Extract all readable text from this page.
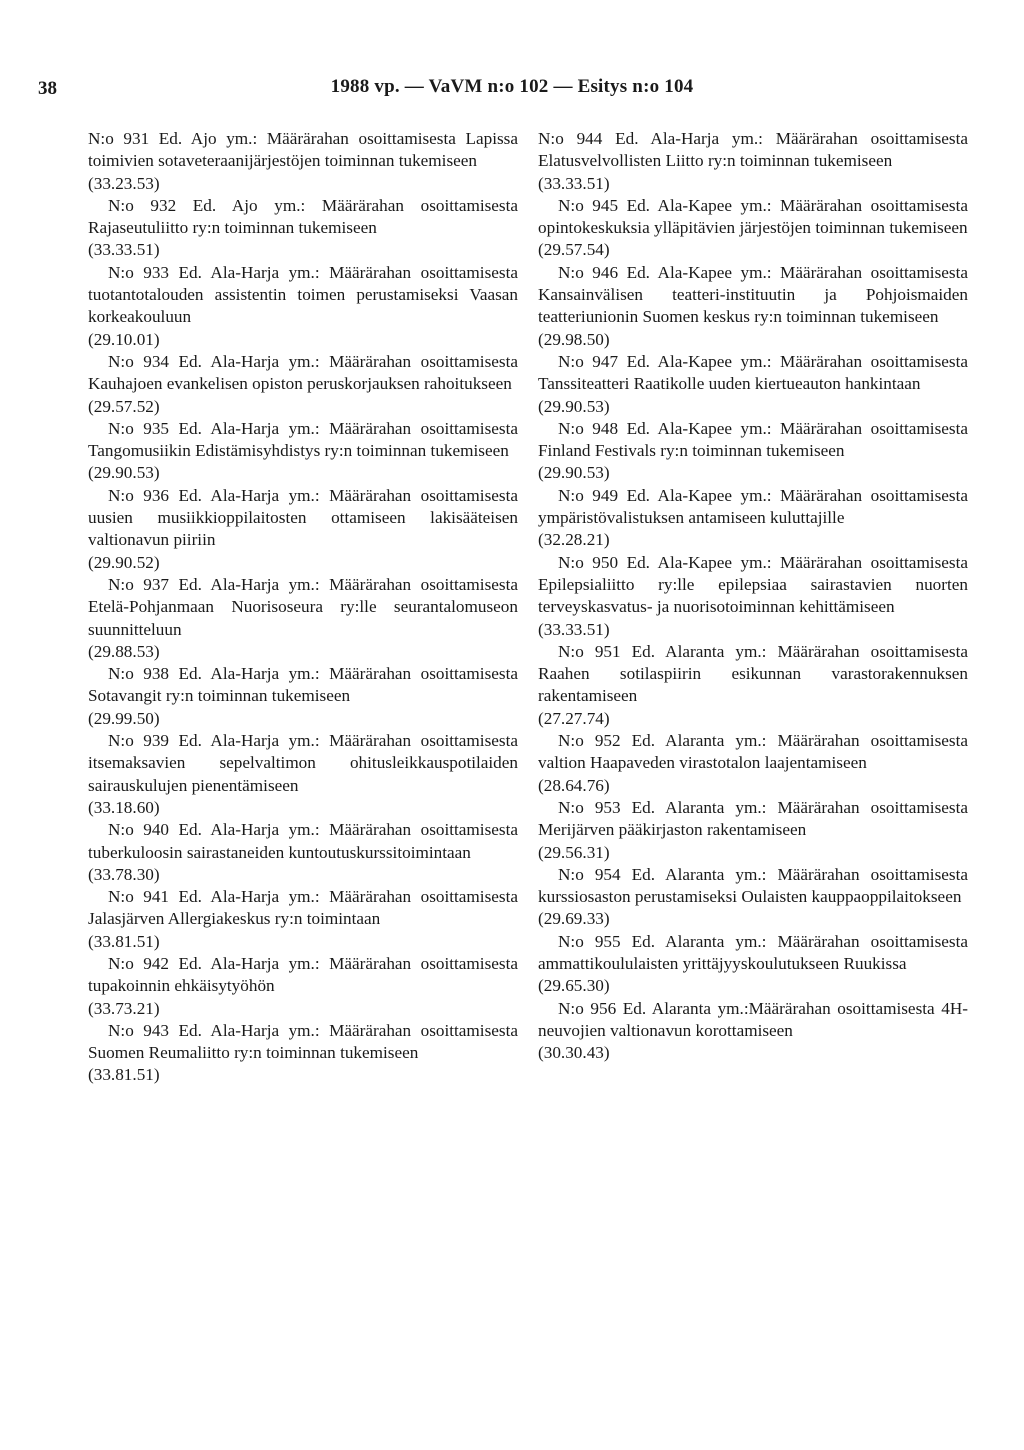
38	1988 vp. — VaVM n:o 102 — Esitys n:o 104

N:o 931 Ed. Ajo ym.: Määrärahan osoittamisesta Lapissa toimivien sotaveteraanijärjestöjen toiminnan tukemiseen
(33.23.53)

N:o 932 Ed. Ajo ym.: Määrärahan osoittamisesta Rajaseutuliitto ry:n toiminnan tukemiseen
(33.33.51)

N:o 933 Ed. Ala-Harja ym.: Määrärahan osoittamisesta tuotantotalouden assistentin toimen perustamiseksi Vaasan korkeakouluun
(29.10.01)

N:o 934 Ed. Ala-Harja ym.: Määrärahan osoittamisesta Kauhajoen evankelisen opiston peruskorjauksen rahoitukseen
(29.57.52)

N:o 935 Ed. Ala-Harja ym.: Määrärahan osoittamisesta Tangomusiikin Edistämisyhdistys ry:n toiminnan tukemiseen
(29.90.53)

N:o 936 Ed. Ala-Harja ym.: Määrärahan osoittamisesta uusien musiikkioppilaitosten ottamiseen lakisääteisen valtionavun piiriin
(29.90.52)

N:o 937 Ed. Ala-Harja ym.: Määrärahan osoittamisesta Etelä-Pohjanmaan Nuorisoseura ry:lle seurantalomuseon suunnitteluun
(29.88.53)

N:o 938 Ed. Ala-Harja ym.: Määrärahan osoittamisesta Sotavangit ry:n toiminnan tukemiseen
(29.99.50)

N:o 939 Ed. Ala-Harja ym.: Määrärahan osoittamisesta itsemaksavien sepelvaltimon ohitusleikkauspotilaiden sairauskulujen pienentämiseen
(33.18.60)

N:o 940 Ed. Ala-Harja ym.: Määrärahan osoittamisesta tuberkuloosin sairastaneiden kuntoutuskurssitoimintaan
(33.78.30)

N:o 941 Ed. Ala-Harja ym.: Määrärahan osoittamisesta Jalasjärven Allergiakeskus ry:n toimintaan
(33.81.51)

N:o 942 Ed. Ala-Harja ym.: Määrärahan osoittamisesta tupakoinnin ehkäisytyöhön
(33.73.21)

N:o 943 Ed. Ala-Harja ym.: Määrärahan osoittamisesta Suomen Reumaliitto ry:n toiminnan tukemiseen
(33.81.51)

N:o 944 Ed. Ala-Harja ym.: Määrärahan osoittamisesta Elatusvelvollisten Liitto ry:n toiminnan tukemiseen
(33.33.51)

N:o 945 Ed. Ala-Kapee ym.: Määrärahan osoittamisesta opintokeskuksia ylläpitävien järjestöjen toiminnan tukemiseen
(29.57.54)

N:o 946 Ed. Ala-Kapee ym.: Määrärahan osoittamisesta Kansainvälisen teatteri-instituutin ja Pohjoismaiden teatteriunionin Suomen keskus ry:n toiminnan tukemiseen
(29.98.50)

N:o 947 Ed. Ala-Kapee ym.: Määrärahan osoittamisesta Tanssiteatteri Raatikolle uuden kiertueauton hankintaan
(29.90.53)

N:o 948 Ed. Ala-Kapee ym.: Määrärahan osoittamisesta Finland Festivals ry:n toiminnan tukemiseen
(29.90.53)

N:o 949 Ed. Ala-Kapee ym.: Määrärahan osoittamisesta ympäristövalistuksen antamiseen kuluttajille
(32.28.21)

N:o 950 Ed. Ala-Kapee ym.: Määrärahan osoittamisesta Epilepsialiitto ry:lle epilepsiaa sairastavien nuorten terveyskasvatus- ja nuorisotoiminnan kehittämiseen
(33.33.51)

N:o 951 Ed. Alaranta ym.: Määrärahan osoittamisesta Raahen sotilaspiirin esikunnan varastorakennuksen rakentamiseen
(27.27.74)

N:o 952 Ed. Alaranta ym.: Määrärahan osoittamisesta valtion Haapaveden virastotalon laajentamiseen
(28.64.76)

N:o 953 Ed. Alaranta ym.: Määrärahan osoittamisesta Merijärven pääkirjaston rakentamiseen
(29.56.31)

N:o 954 Ed. Alaranta ym.: Määrärahan osoittamisesta kurssiosaston perustamiseksi Oulaisten kauppaoppilaitokseen
(29.69.33)

N:o 955 Ed. Alaranta ym.: Määrärahan osoittamisesta ammattikoululaisten yrittäjyyskoulutukseen Ruukissa
(29.65.30)

N:o 956 Ed. Alaranta ym.:Määrärahan osoittamisesta 4H-neuvojien valtionavun korottamiseen
(30.30.43)
